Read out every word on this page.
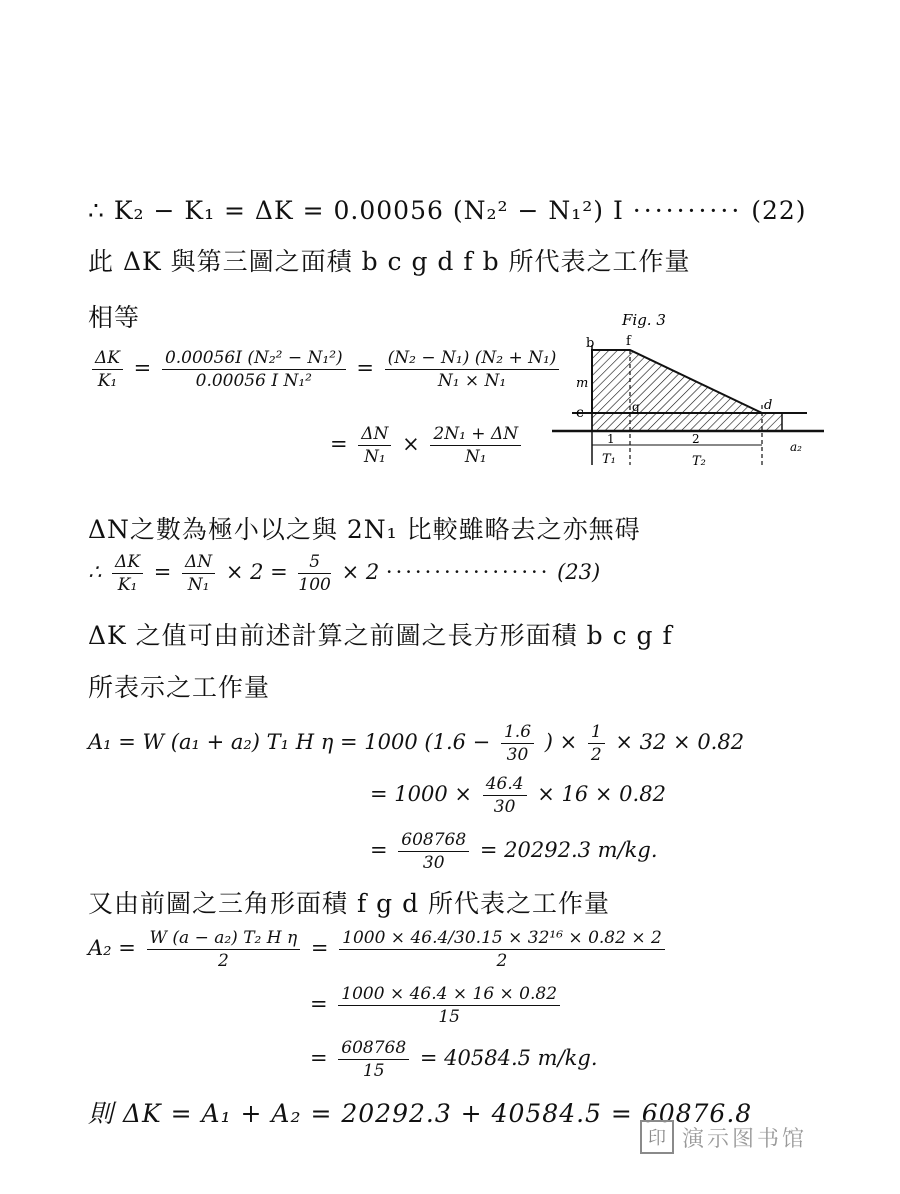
∴ K₂ − K₁ = ΔK = 0.00056 (N₂² − N₁²) I ·········· (22)
此 ΔK 與第三圖之面積 b c g d f b 所代表之工作量
相等
$\frac{\Delta K}{\text{K₁}} = \frac{\text{0.00056I (N₂² − N₁²)}}{\text{0.00056 I N₁²}} = \frac{\text{(N₂ − N₁) (N₂ + N₁)}}{\text{N₁ × N₁}}$
= $\frac{\Delta N}{\text{N₁}} \times \frac{\text{2N₁ + ΔN}}{\text{N₁}}$
Fig. 3
b f
m
c	g	d
a₂
1	2
T₁	T₂
ΔN之數為極小以之與 2N₁ 比較雖略去之亦無碍
∴ $\frac{\Delta K}{\text{K₁}} = \frac{\Delta N}{\text{N₁}} \times 2 = \frac{5}{100} \times 2$ ················· (23)
ΔK 之值可由前述計算之前圖之長方形面積 b c g f
所表示之工作量
A₁ = W (a₁ + a₂) T₁ H η = 1000 ($1.6 - \frac{1.6}{30}$ ) × $\frac{1}{2} \times 32 \times 0.82$
= $1000 \times \frac{46.4}{30} \times 16 \times 0.82$
= $\frac{608768}{30} = 20292.3$ m/kg.
又由前圖之三角形面積 f g d 所代表之工作量
$A_2 = \frac{\text{W (a − a₂) T₂ H η}}{2} = \frac{\text{1000 × 46.4/30.15 × 32¹⁶ × 0.82 × 2}}{2}$
= $\frac{1000 \times 46.4 \times 16 \times 0.82}{15}$
= $\frac{608768}{15} = 40584.5$ m/kg.
則 ΔK = A₁ + A₂ = 20292.3 + 40584.5 = 60876.8
印 演示图书馆
